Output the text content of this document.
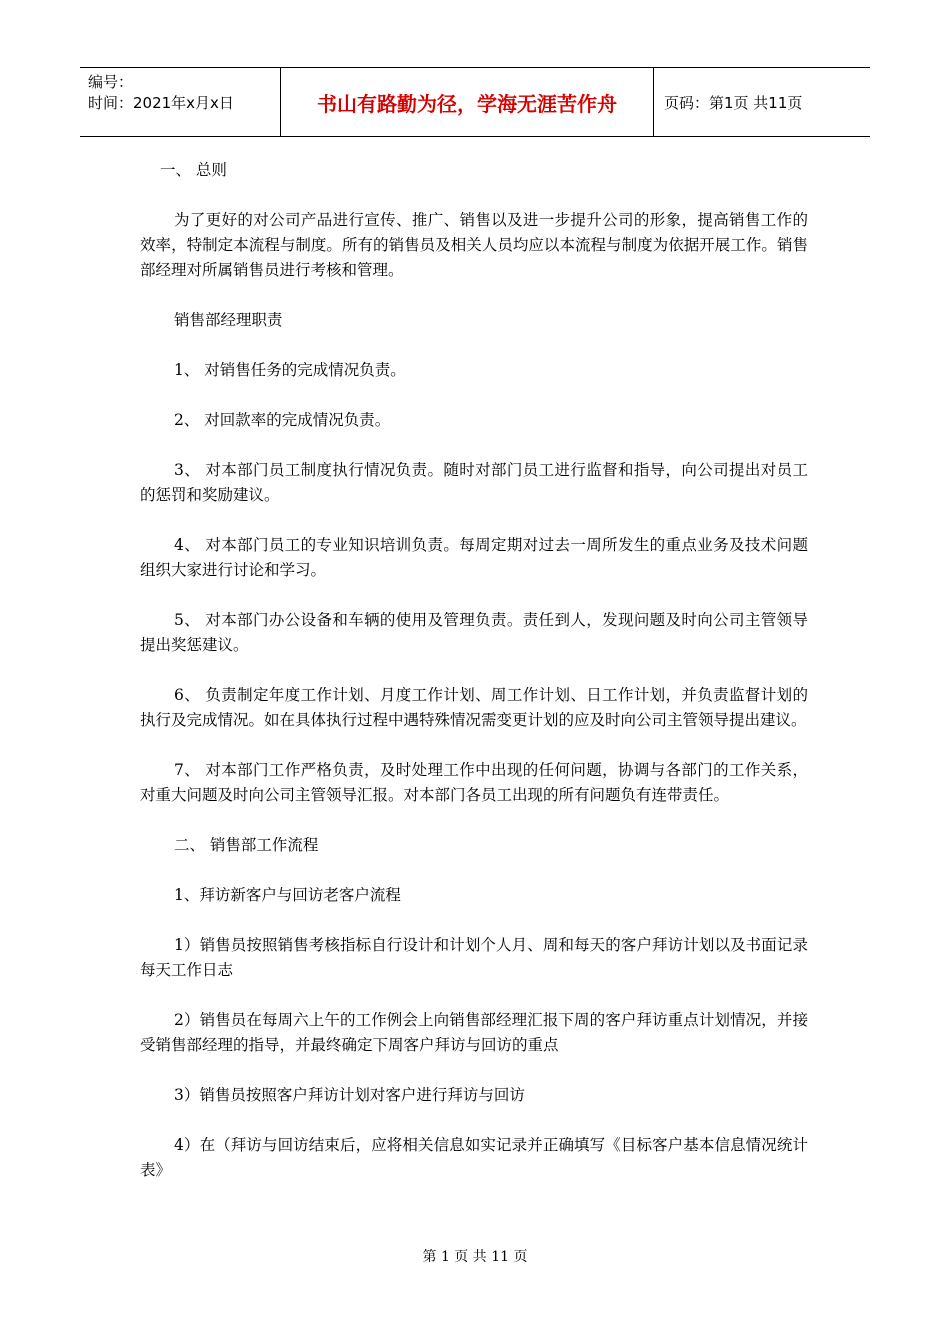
编号：
时间：2021年x月x日	书山有路勤为径，学海无涯苦作舟	页码：第1页 共11页

一、 总则

为了更好的对公司产品进行宣传、推广、销售以及进一步提升公司的形象，提高销售工作的效率，特制定本流程与制度。所有的销售员及相关人员均应以本流程与制度为依据开展工作。销售部经理对所属销售员进行考核和管理。

销售部经理职责

1、 对销售任务的完成情况负责。

2、 对回款率的完成情况负责。

3、 对本部门员工制度执行情况负责。随时对部门员工进行监督和指导，向公司提出对员工的惩罚和奖励建议。

4、 对本部门员工的专业知识培训负责。每周定期对过去一周所发生的重点业务及技术问题组织大家进行讨论和学习。

5、 对本部门办公设备和车辆的使用及管理负责。责任到人，发现问题及时向公司主管领导提出奖惩建议。

6、 负责制定年度工作计划、月度工作计划、周工作计划、日工作计划，并负责监督计划的执行及完成情况。如在具体执行过程中遇特殊情况需变更计划的应及时向公司主管领导提出建议。

7、 对本部门工作严格负责，及时处理工作中出现的任何问题，协调与各部门的工作关系，对重大问题及时向公司主管领导汇报。对本部门各员工出现的所有问题负有连带责任。

二、 销售部工作流程

1、拜访新客户与回访老客户流程

1）销售员按照销售考核指标自行设计和计划个人月、周和每天的客户拜访计划以及书面记录每天工作日志

2）销售员在每周六上午的工作例会上向销售部经理汇报下周的客户拜访重点计划情况，并接受销售部经理的指导，并最终确定下周客户拜访与回访的重点

3）销售员按照客户拜访计划对客户进行拜访与回访

4）在（拜访与回访结束后，应将相关信息如实记录并正确填写《目标客户基本信息情况统计表》

第 1 页 共 11 页
